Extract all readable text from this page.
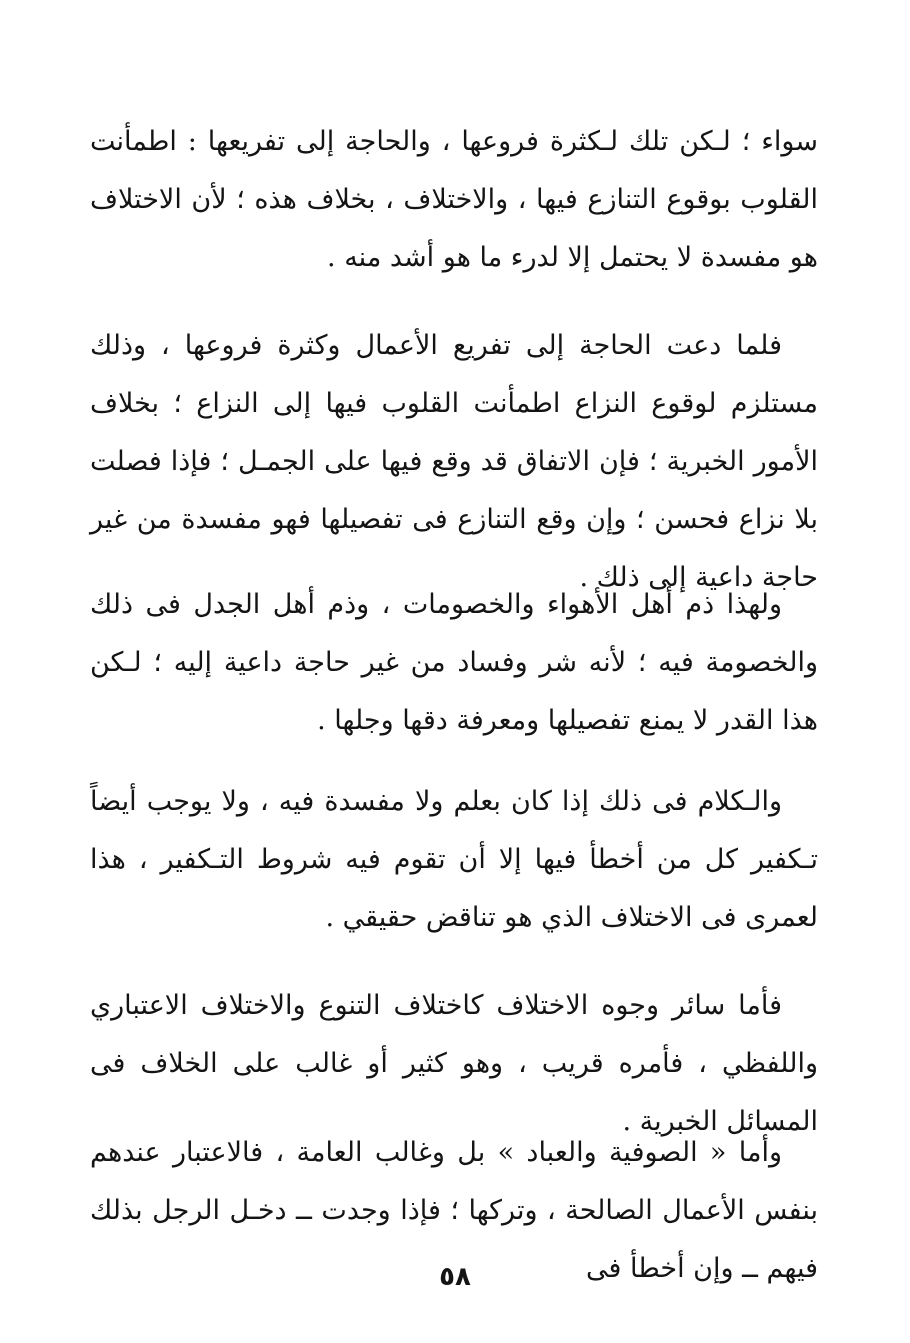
سواء ؛ لـكن تلك لـكثرة فروعها ، والحاجة إلى تفريعها : اطمأنت القلوب بوقوع التنازع فيها ، والاختلاف ، بخلاف هذه ؛ لأن الاختلاف هو مفسدة لا يحتمل إلا لدرء ما هو أشد منه .

فلما دعت الحاجة إلى تفريع الأعمال وكثرة فروعها ، وذلك مستلزم لوقوع النزاع اطمأنت القلوب فيها إلى النزاع ؛ بخلاف الأمور الخبرية ؛ فإن الاتفاق قد وقع فيها على الجمـل ؛ فإذا فصلت بلا نزاع فحسن ؛ وإن وقع التنازع فى تفصيلها فهو مفسدة من غير حاجة داعية إلى ذلك .

ولهذا ذم أهل الأهواء والخصومات ، وذم أهل الجدل فى ذلك والخصومة فيه ؛ لأنه شر وفساد من غير حاجة داعية إليه ؛ لـكن هذا القدر لا يمنع تفصيلها ومعرفة دقها وجلها .

والـكلام فى ذلك إذا كان بعلم ولا مفسدة فيه ، ولا يوجب أيضاً تـكفير كل من أخطأ فيها إلا أن تقوم فيه شروط التـكفير ، هذا لعمرى فى الاختلاف الذي هو تناقض حقيقي .

فأما سائر وجوه الاختلاف كاختلاف التنوع والاختلاف الاعتباري واللفظي ، فأمره قريب ، وهو كثير أو غالب على الخلاف فى المسائل الخبرية .

وأما « الصوفية والعباد » بل وغالب العامة ، فالاعتبار عندهم بنفس الأعمال الصالحة ، وتركها ؛ فإذا وجدت ــ دخـل الرجل بذلك فيهم ــ وإن أخطأ فى

٥٨
